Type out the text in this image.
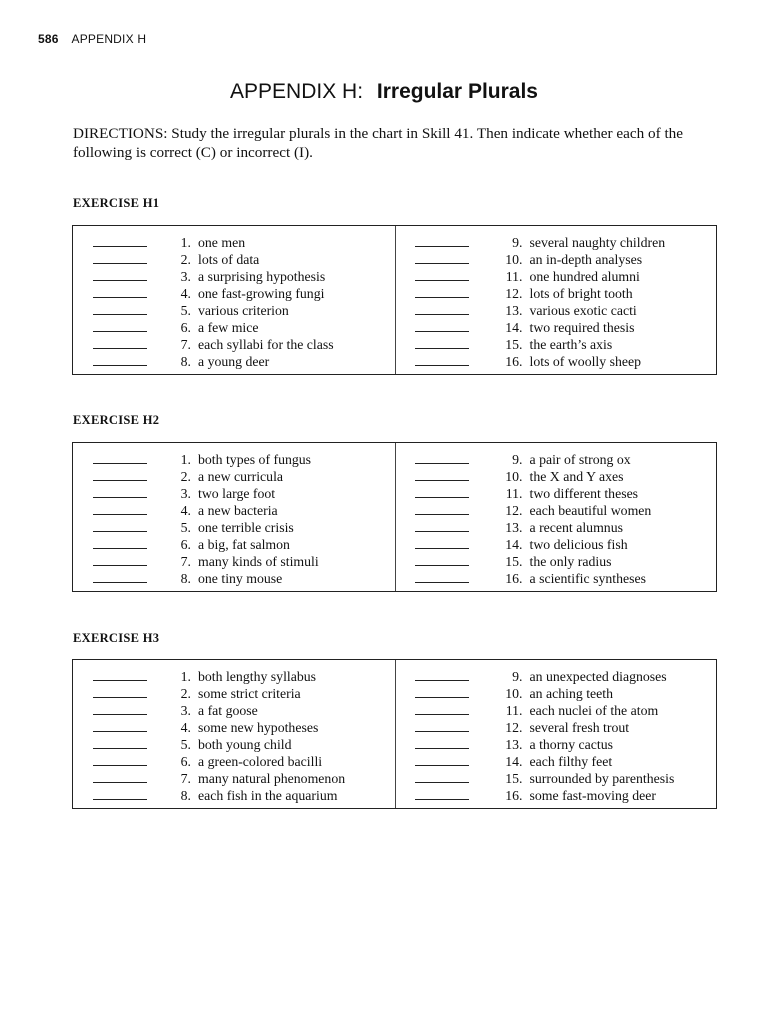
586 APPENDIX H
APPENDIX H: Irregular Plurals
DIRECTIONS: Study the irregular plurals in the chart in Skill 41. Then indicate whether each of the following is correct (C) or incorrect (I).
EXERCISE H1
1. one men
2. lots of data
3. a surprising hypothesis
4. one fast-growing fungi
5. various criterion
6. a few mice
7. each syllabi for the class
8. a young deer
9. several naughty children
10. an in-depth analyses
11. one hundred alumni
12. lots of bright tooth
13. various exotic cacti
14. two required thesis
15. the earth’s axis
16. lots of woolly sheep
EXERCISE H2
1. both types of fungus
2. a new curricula
3. two large foot
4. a new bacteria
5. one terrible crisis
6. a big, fat salmon
7. many kinds of stimuli
8. one tiny mouse
9. a pair of strong ox
10. the X and Y axes
11. two different theses
12. each beautiful women
13. a recent alumnus
14. two delicious fish
15. the only radius
16. a scientific syntheses
EXERCISE H3
1. both lengthy syllabus
2. some strict criteria
3. a fat goose
4. some new hypotheses
5. both young child
6. a green-colored bacilli
7. many natural phenomenon
8. each fish in the aquarium
9. an unexpected diagnoses
10. an aching teeth
11. each nuclei of the atom
12. several fresh trout
13. a thorny cactus
14. each filthy feet
15. surrounded by parenthesis
16. some fast-moving deer
